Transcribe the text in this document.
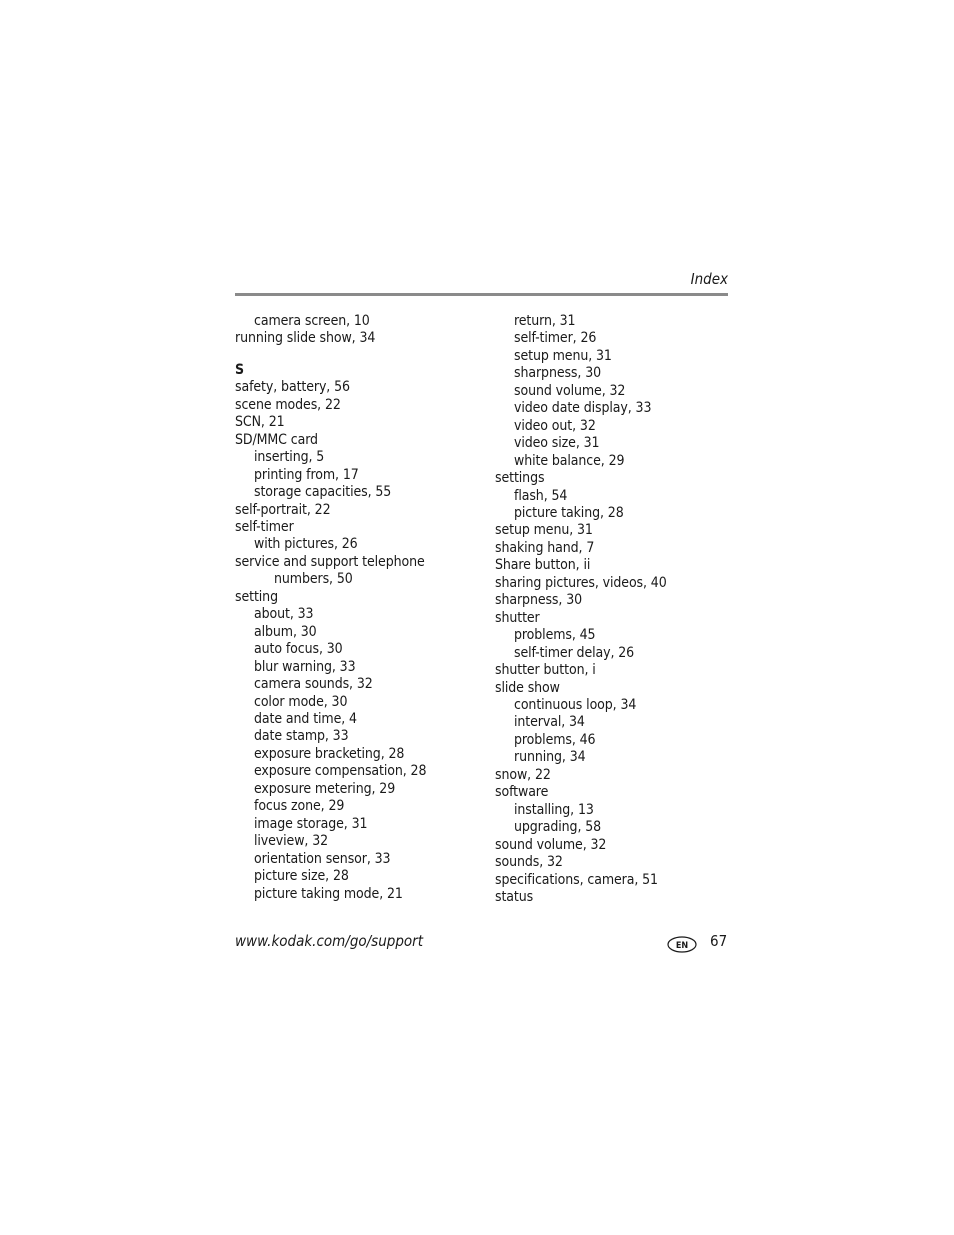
Index
camera screen, 10
running slide show, 34
S
safety, battery, 56
scene modes, 22
SCN, 21
SD/MMC card
inserting, 5
printing from, 17
storage capacities, 55
self-portrait, 22
self-timer
with pictures, 26
service and support telephone
numbers, 50
setting
about, 33
album, 30
auto focus, 30
blur warning, 33
camera sounds, 32
color mode, 30
date and time, 4
date stamp, 33
exposure bracketing, 28
exposure compensation, 28
exposure metering, 29
focus zone, 29
image storage, 31
liveview, 32
orientation sensor, 33
picture size, 28
picture taking mode, 21
return, 31
self-timer, 26
setup menu, 31
sharpness, 30
sound volume, 32
video date display, 33
video out, 32
video size, 31
white balance, 29
settings
flash, 54
picture taking, 28
setup menu, 31
shaking hand, 7
Share button, ii
sharing pictures, videos, 40
sharpness, 30
shutter
problems, 45
self-timer delay, 26
shutter button, i
slide show
continuous loop, 34
interval, 34
problems, 46
running, 34
snow, 22
software
installing, 13
upgrading, 58
sound volume, 32
sounds, 32
specifications, camera, 51
status
www.kodak.com/go/support	EN 67
